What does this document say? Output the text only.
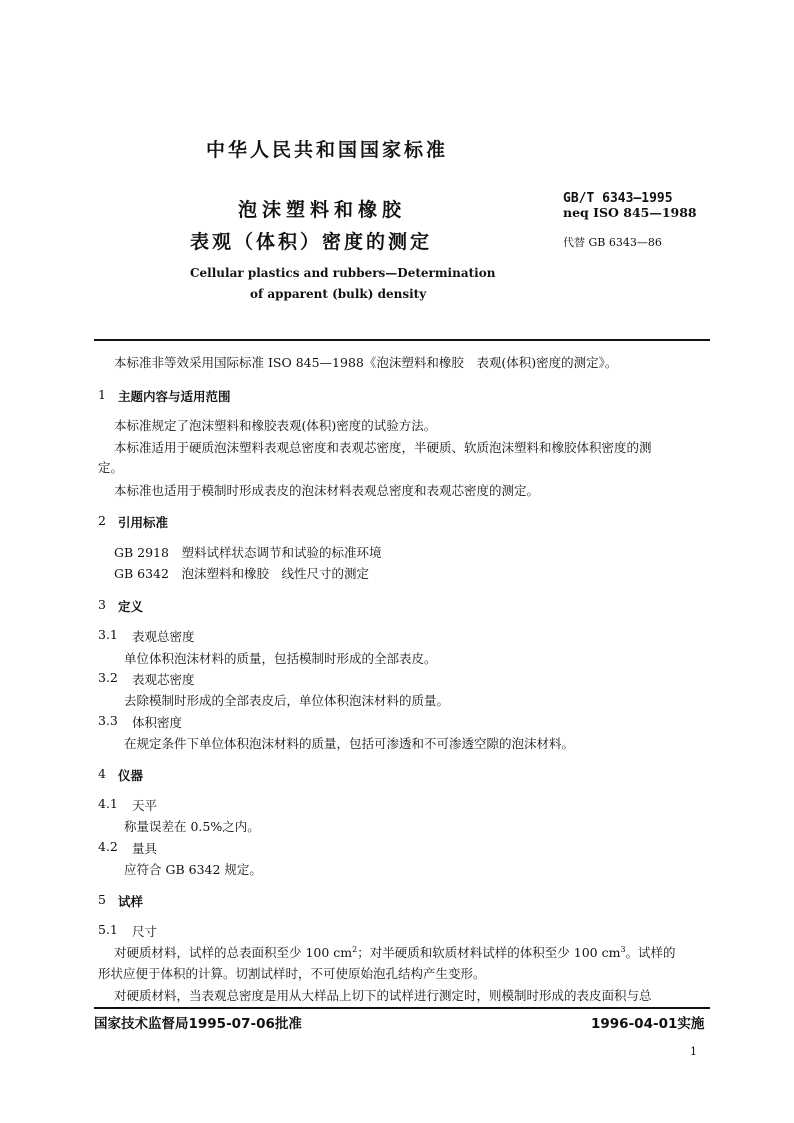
中华人民共和国国家标准
泡沫塑料和橡胶
表观（体积）密度的测定
GB/T 6343—1995
neq ISO 845—1988
代替 GB 6343—86
Cellular plastics and rubbers—Determination
of apparent (bulk) density
本标准非等效采用国际标准 ISO 845—1988《泡沫塑料和橡胶　表观(体积)密度的测定》。
1 主题内容与适用范围
本标准规定了泡沫塑料和橡胶表观(体积)密度的试验方法。
本标准适用于硬质泡沫塑料表观总密度和表观芯密度，半硬质、软质泡沫塑料和橡胶体积密度的测
定。
本标准也适用于模制时形成表皮的泡沫材料表观总密度和表观芯密度的测定。
2 引用标准
GB 2918　塑料试样状态调节和试验的标准环境
GB 6342　泡沫塑料和橡胶　线性尺寸的测定
3 定义
3.1 表观总密度
单位体积泡沫材料的质量，包括模制时形成的全部表皮。
3.2 表观芯密度
去除模制时形成的全部表皮后，单位体积泡沫材料的质量。
3.3 体积密度
在规定条件下单位体积泡沫材料的质量，包括可渗透和不可渗透空隙的泡沫材料。
4 仪器
4.1 天平
称量误差在 0.5%之内。
4.2 量具
应符合 GB 6342 规定。
5 试样
5.1 尺寸
对硬质材料，试样的总表面积至少 100 $cm^2$；对半硬质和软质材料试样的体积至少 100 $cm^3$。试样的
形状应便于体积的计算。切割试样时，不可使原始泡孔结构产生变形。
对硬质材料，当表观总密度是用从大样品上切下的试样进行测定时，则模制时形成的表皮面积与总
国家技术监督局1995-07-06批准	1996-04-01实施
1
